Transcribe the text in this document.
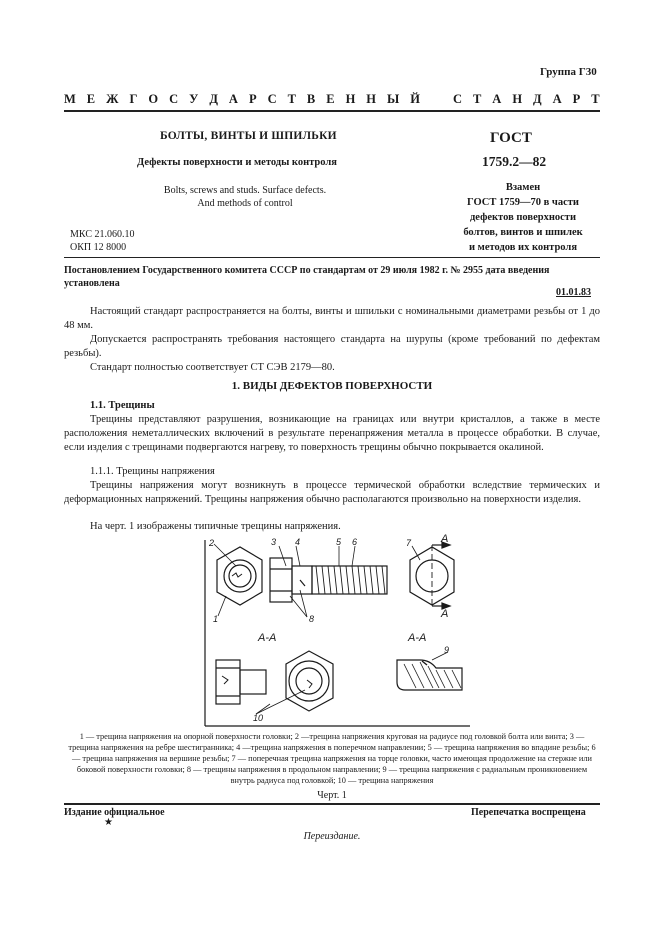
Группа Г30
М Е Ж Г О С У Д А Р С Т В Е Н Н Ы Й	С Т А Н Д А Р Т
БОЛТЫ, ВИНТЫ И ШПИЛЬКИ
Дефекты поверхности и методы контроля
Bolts, screws and studs. Surface defects.
And methods of control
ГОСТ
1759.2—82
Взамен
ГОСТ 1759—70 в части
дефектов поверхности
болтов, винтов и шпилек
и методов их контроля
МКС 21.060.10
ОКП 12 8000
Постановлением Государственного комитета СССР по стандартам от 29 июля 1982 г. № 2955 дата введения установлена
01.01.83
Настоящий стандарт распространяется на болты, винты и шпильки с номинальными диаметрами резьбы от 1 до 48 мм.
Допускается распространять требования настоящего стандарта на шурупы (кроме требований по дефектам резьбы).
Стандарт полностью соответствует СТ СЭВ 2179—80.
1. ВИДЫ ДЕФЕКТОВ ПОВЕРХНОСТИ
1.1. Трещины
Трещины представляют разрушения, возникающие на границах или внутри кристаллов, а также в месте расположения неметаллических включений в результате перенапряжения металла в процессе обработки. В случае, если изделия с трещинами подвергаются нагреву, то поверхность трещины обычно покрывается окалиной.
1.1.1. Трещины напряжения
Трещины напряжения могут возникнуть в процессе термической обработки вследствие термических и деформационных напряжений. Трещины напряжения обычно располагаются произвольно на поверхности изделия.
На черт. 1 изображены типичные трещины напряжения.
2	3 4	5 6	7
1	8
9
10
А
А
А-А	А-А
1 — трещина напряжения на опорной поверхности головки; 2 —трещина напряжения круговая на радиусе под головкой болта или винта; 3 — трещина напряжения на ребре шестигранника; 4 —трещина напряжения в поперечном направлении; 5 — трещина напряжения во впадине резьбы; 6 — трещина напряжения на вершине резьбы; 7 — поперечная трещина напряжения на торце головки, часто имеющая продолжение на стержне или боковой поверхности головки; 8 — трещины напряжения в продольном направлении; 9 — трещина напряжения с радиальным проникновением внутрь радиуса под головкой; 10 — трещина напряжения
Черт. 1
Издание официальное
★
Перепечатка воспрещена
Переиздание.
